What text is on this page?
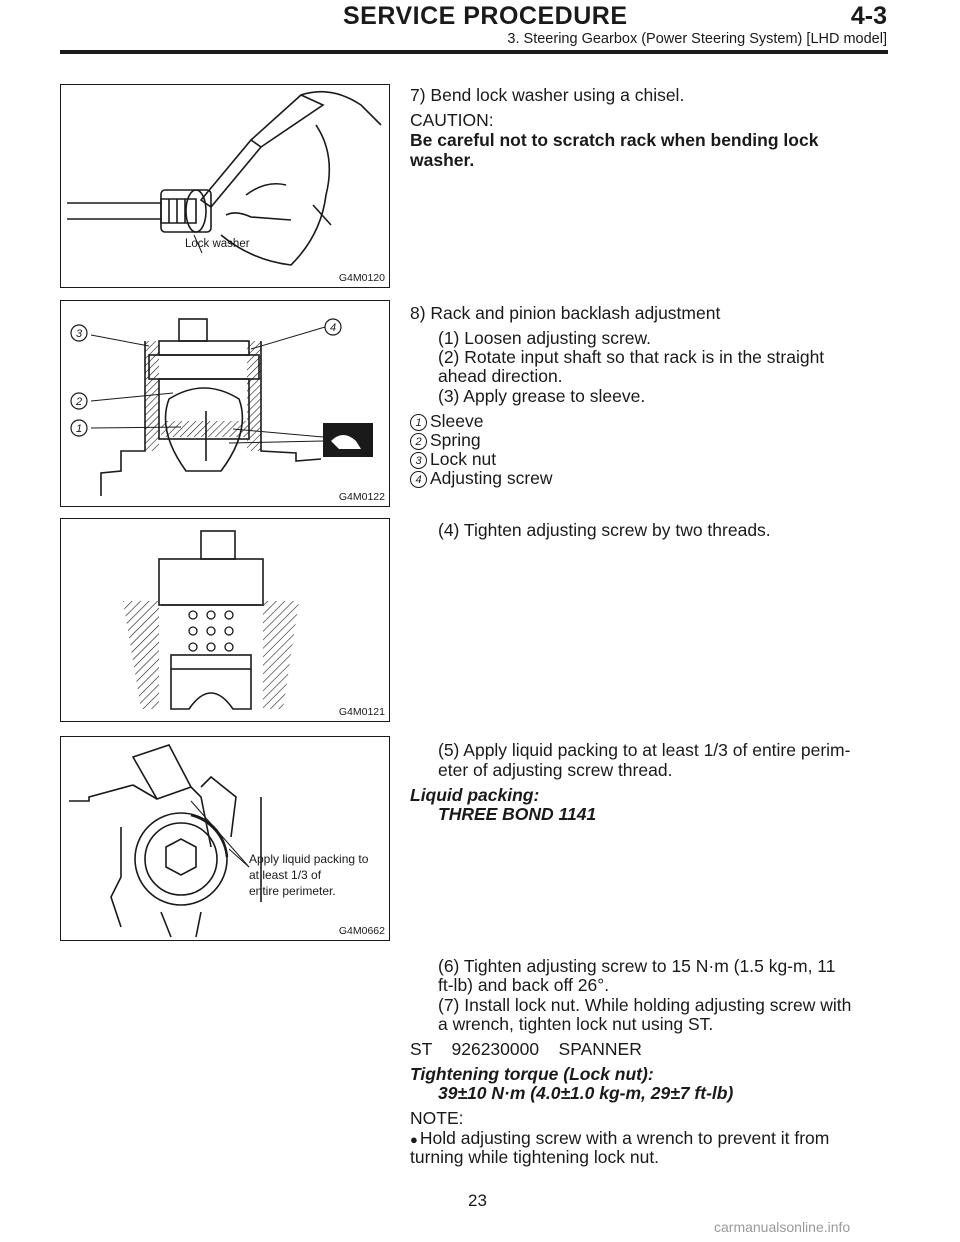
SERVICE PROCEDURE	4-3
3. Steering Gearbox (Power Steering System) [LHD model]
Lock washer
G4M0120
3
2
1
4
G4M0122
G4M0121
Apply liquid packing to
at least 1/3 of
entire perimeter.
G4M0662
7) Bend lock washer using a chisel.
CAUTION:
Be careful not to scratch rack when bending lock
washer.
8) Rack and pinion backlash adjustment
(1) Loosen adjusting screw.
(2) Rotate input shaft so that rack is in the straight
ahead direction.
(3) Apply grease to sleeve.
1 Sleeve
2 Spring
3 Lock nut
4 Adjusting screw
(4) Tighten adjusting screw by two threads.
(5) Apply liquid packing to at least 1/3 of entire perim-
eter of adjusting screw thread.
Liquid packing:
THREE BOND 1141
(6) Tighten adjusting screw to 15 N·m (1.5 kg-m, 11
ft-lb) and back off 26°.
(7) Install lock nut. While holding adjusting screw with
a wrench, tighten lock nut using ST.
ST    926230000    SPANNER
Tightening torque (Lock nut):
39±10 N·m (4.0±1.0 kg-m, 29±7 ft-lb)
NOTE:
● Hold adjusting screw with a wrench to prevent it from
turning while tightening lock nut.
23
carmanualsonline.info
